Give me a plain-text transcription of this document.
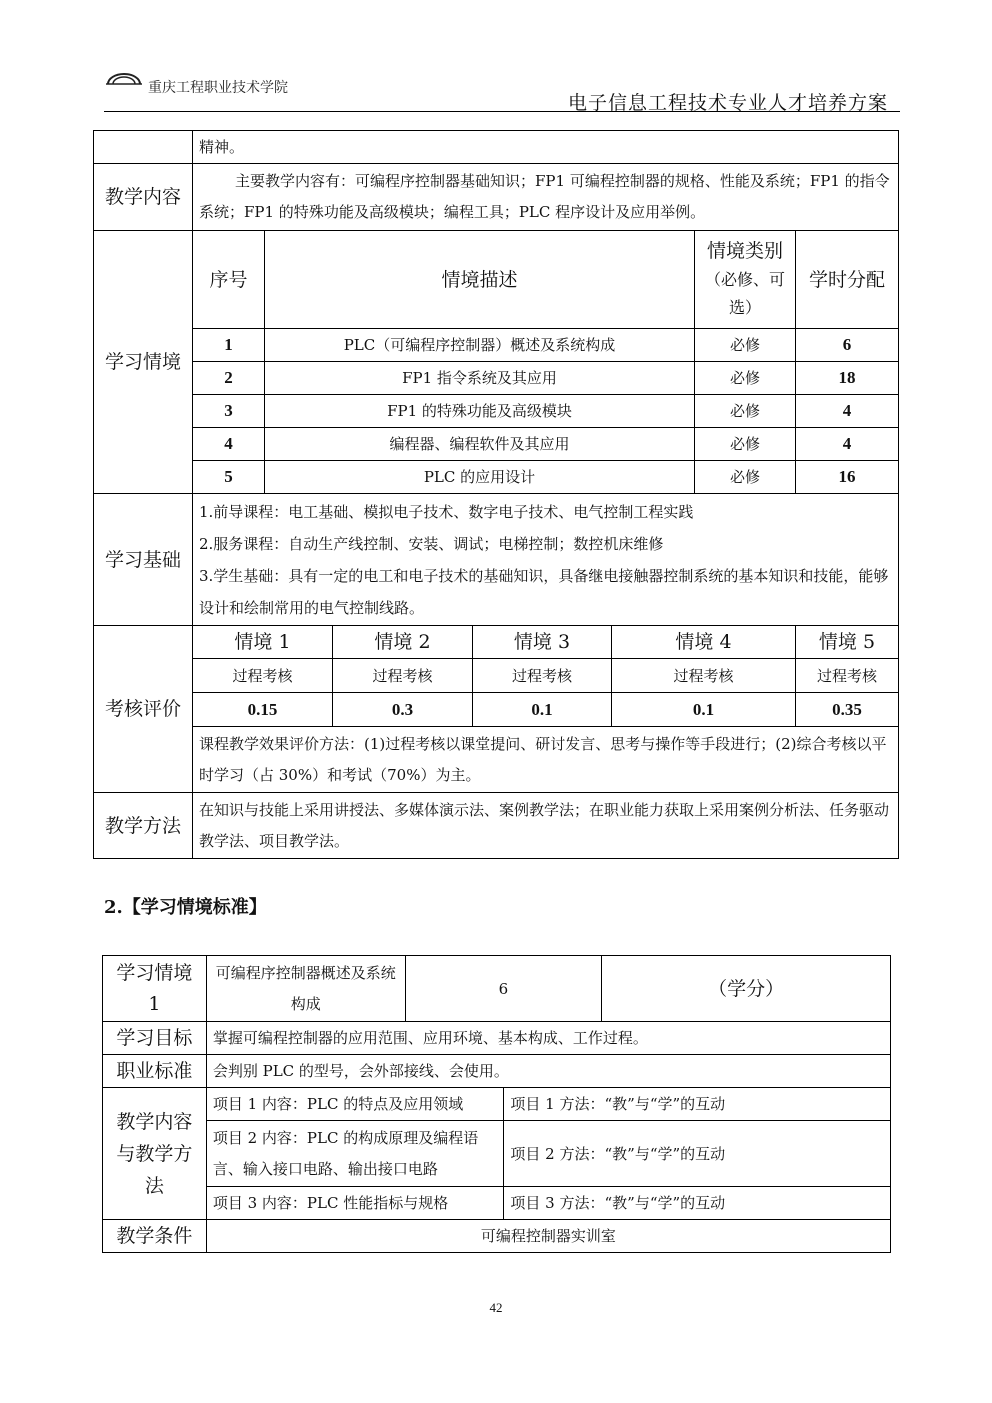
重庆工程职业技术学院
电子信息工程技术专业人才培养方案
	精神。						
教学内容	主要教学内容有：可编程序控制器基础知识；FP1 可编程控制器的规格、性能及系统；FP1 的指令系统；FP1 的特殊功能及高级模块；编程工具；PLC 程序设计及应用举例。						
学习情境	序号	情境描述				情境类别
（必修、可
选）	学时分配
	1	PLC（可编程序控制器）概述及系统构成				必修	6
	2	FP1 指令系统及其应用				必修	18
	3	FP1 的特殊功能及高级模块				必修	4
	4	编程器、编程软件及其应用				必修	4
	5	PLC 的应用设计				必修	16
学习基础	1.前导课程：电工基础、模拟电子技术、数字电子技术、电气控制工程实践
2.服务课程：自动生产线控制、安装、调试；电梯控制；数控机床维修
3.学生基础：具有一定的电工和电子技术的基础知识，具备继电接触器控制系统的基本知识和技能，能够设计和绘制常用的电气控制线路。						

考核评价	情境 1		情境 2	情境 3	情境 4		情境 5
	过程考核		过程考核	过程考核	过程考核		过程考核
	0.15		0.3	0.1	0.1		0.35
	课程教学效果评价方法：(1)过程考核以课堂提问、研讨发言、思考与操作等手段进行；(2)综合考核以平时学习（占 30%）和考试（70%）为主。						
教学方法	在知识与技能上采用讲授法、多媒体演示法、案例教学法；在职业能力获取上采用案例分析法、任务驱动教学法、项目教学法。						
2.【学习情境标准】
学习情境
1	可编程序控制器概述及系统构成	6		（学分）
学习目标	掌握可编程控制器的应用范围、应用环境、基本构成、工作过程。			
职业标准	会判别 PLC 的型号，会外部接线、会使用。			
教学内容
与教学方
法	项目 1 内容：PLC 的特点及应用领域		项目 1 方法：“教”与“学”的互动	
	项目 2 内容：PLC 的构成原理及编程语言、输入接口电路、输出接口电路		项目 2 方法：“教”与“学”的互动	
	项目 3 内容：PLC 性能指标与规格		项目 3 方法：“教”与“学”的互动	
教学条件	可编程控制器实训室			
42
